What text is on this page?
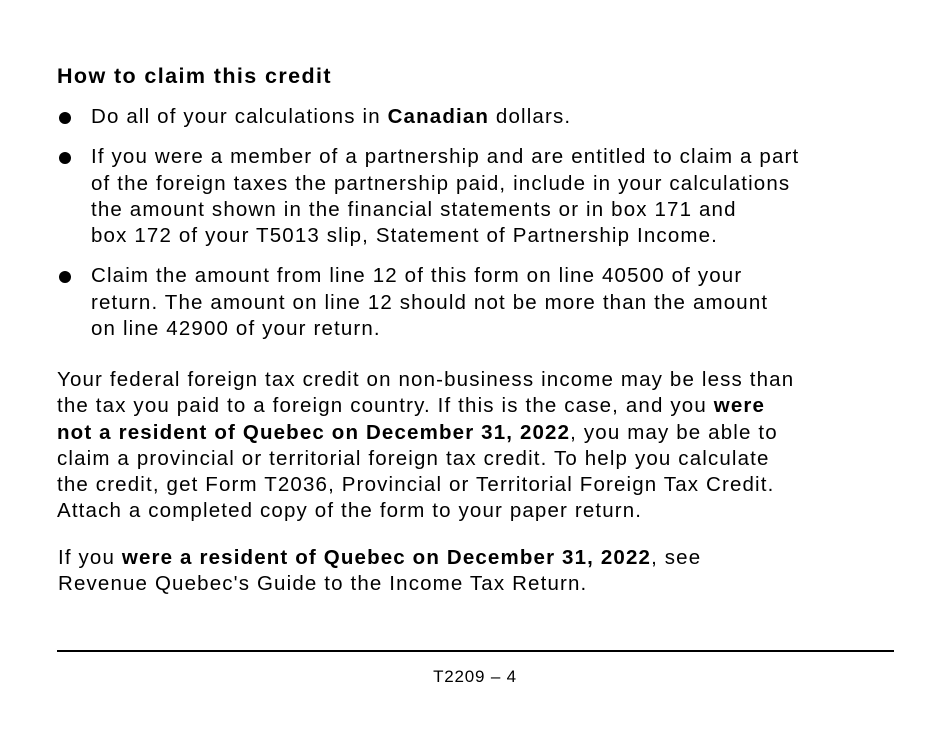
How to claim this credit
Do all of your calculations in Canadian dollars.
If you were a member of a partnership and are entitled to claim a part
of the foreign taxes the partnership paid, include in your calculations
the amount shown in the financial statements or in box 171 and
box 172 of your T5013 slip, Statement of Partnership Income.
Claim the amount from line 12 of this form on line 40500 of your
return. The amount on line 12 should not be more than the amount
on line 42900 of your return.

Your federal foreign tax credit on non-business income may be less than
the tax you paid to a foreign country. If this is the case, and you were
not a resident of Quebec on December 31, 2022, you may be able to
claim a provincial or territorial foreign tax credit. To help you calculate
the credit, get Form T2036, Provincial or Territorial Foreign Tax Credit.
Attach a completed copy of the form to your paper return.

If you were a resident of Quebec on December 31, 2022, see
Revenue Quebec's Guide to the Income Tax Return.

T2209 – 4
